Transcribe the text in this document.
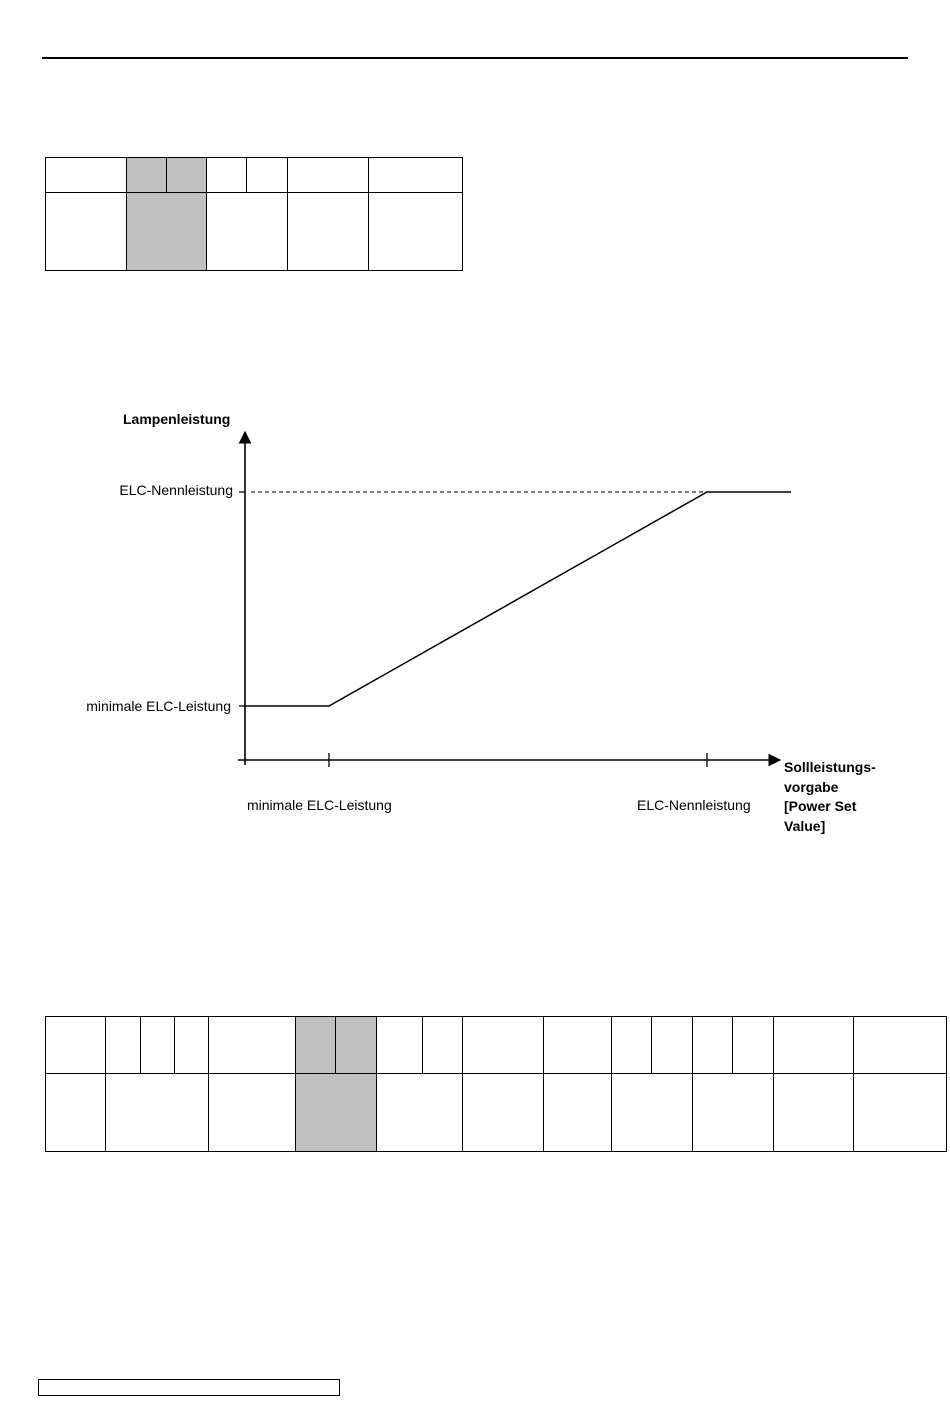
Lampenleistung
Sollleistungs-
vorgabe
[Power Set
Value]
ELC-Nennleistung
minimale ELC-Leistung
minimale ELC-Leistung	ELC-Nennleistung
